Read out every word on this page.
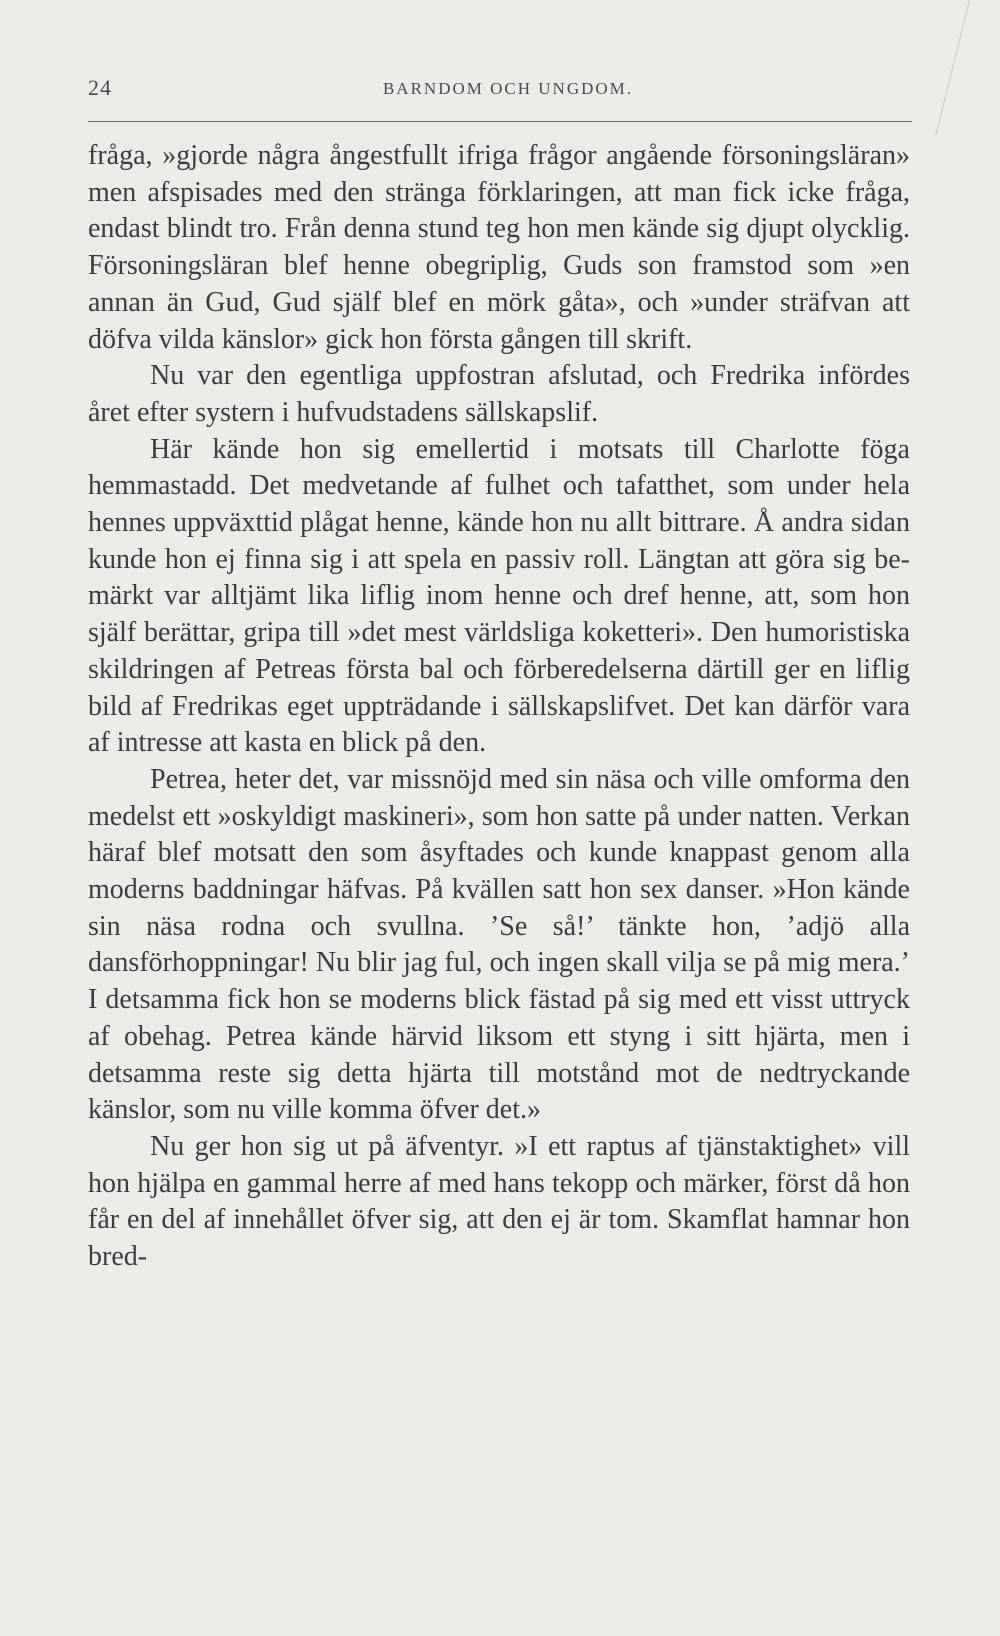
24	BARNDOM OCH UNGDOM.

fråga, »gjorde några ångestfullt ifriga frågor angående försoningsläran» men afspisades med den stränga förklaringen, att man fick icke fråga, endast blindt tro. Från denna stund teg hon men kände sig djupt olycklig. Försoningsläran blef henne obegriplig, Guds son framstod som »en annan än Gud, Gud själf blef en mörk gåta», och »under sträfvan att döfva vilda känslor» gick hon första gången till skrift.

Nu var den egentliga uppfostran afslutad, och Fredrika infördes året efter systern i hufvudstadens sällskapslif.

Här kände hon sig emellertid i motsats till Charlotte föga hemmastadd. Det medvetande af fulhet och tafatthet, som under hela hennes uppväxttid plågat henne, kände hon nu allt bittrare. Å andra sidan kunde hon ej finna sig i att spela en passiv roll. Längtan att göra sig bemärkt var alltjämt lika liflig inom henne och dref henne, att, som hon själf berättar, gripa till »det mest världsliga koketteri». Den humoristiska skildringen af Petreas första bal och förberedelserna därtill ger en liflig bild af Fredrikas eget uppträdande i sällskapslifvet. Det kan därför vara af intresse att kasta en blick på den.

Petrea, heter det, var missnöjd med sin näsa och ville omforma den medelst ett »oskyldigt maskineri», som hon satte på under natten. Verkan häraf blef motsatt den som åsyftades och kunde knappast genom alla moderns baddningar häfvas. På kvällen satt hon sex danser. »Hon kände sin näsa rodna och svullna. ’Se så!’ tänkte hon, ’adjö alla dansförhoppningar! Nu blir jag ful, och ingen skall vilja se på mig mera.’ I detsamma fick hon se moderns blick fästad på sig med ett visst uttryck af obehag. Petrea kände härvid liksom ett styng i sitt hjärta, men i detsamma reste sig detta hjärta till motstånd mot de nedtryckande känslor, som nu ville komma öfver det.»

Nu ger hon sig ut på äfventyr. »I ett raptus af tjänstaktighet» vill hon hjälpa en gammal herre af med hans tekopp och märker, först då hon får en del af innehållet öfver sig, att den ej är tom. Skamflat hamnar hon bred-
